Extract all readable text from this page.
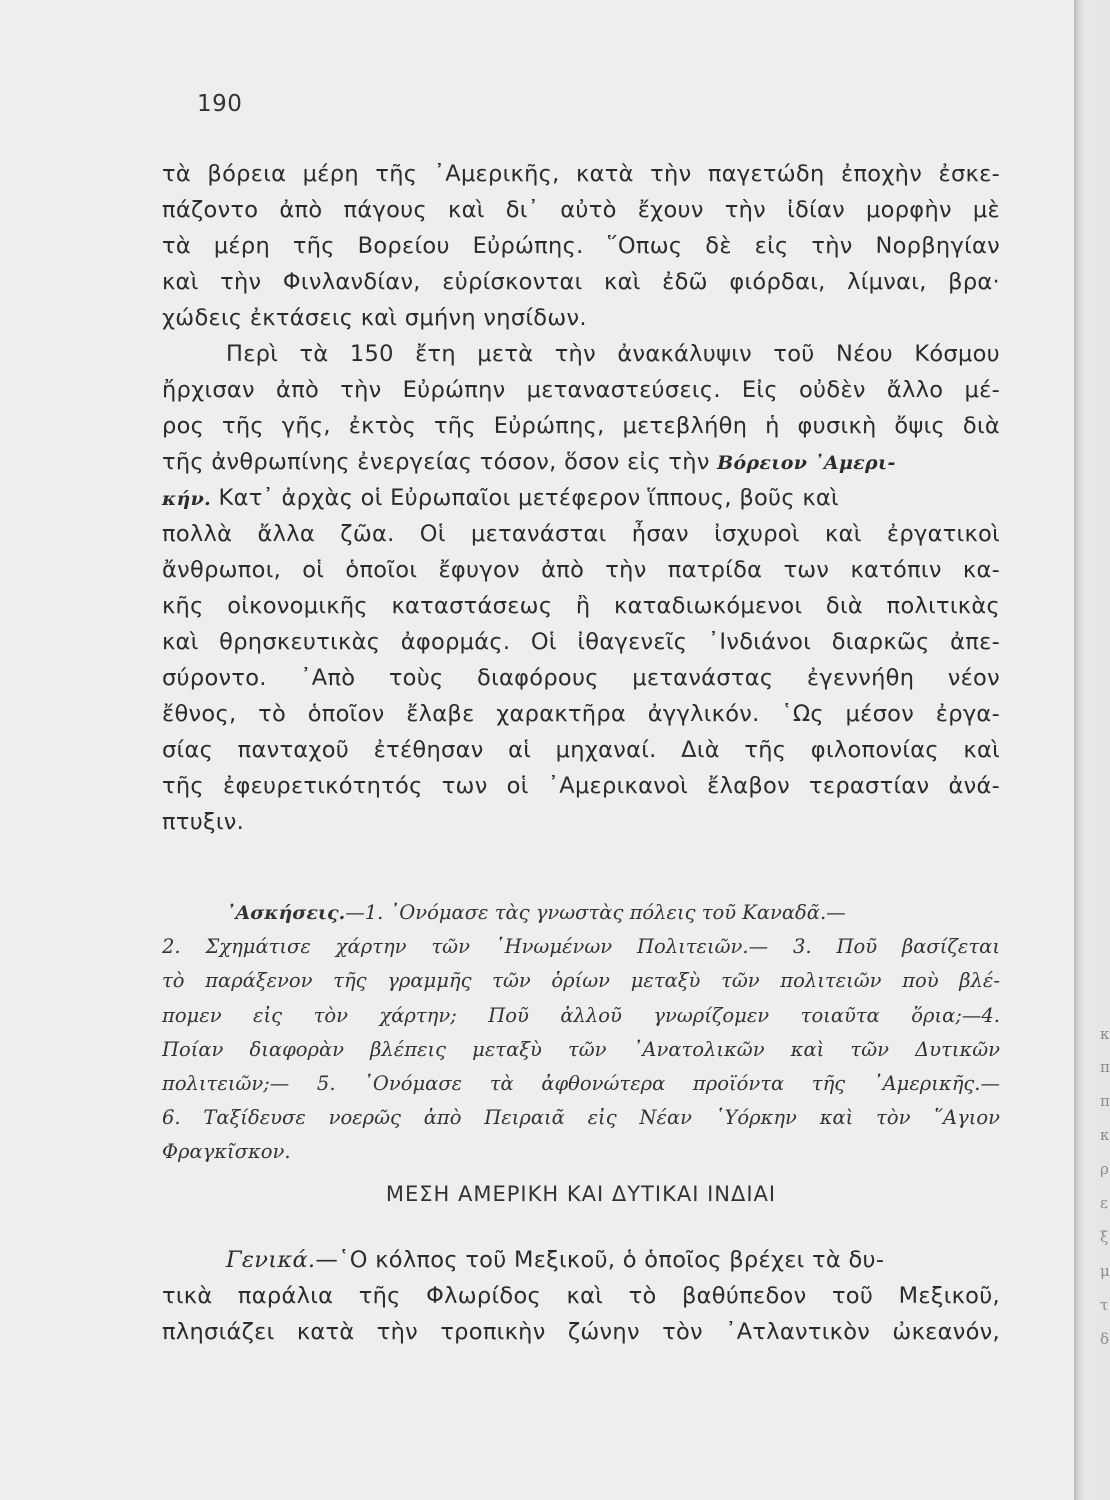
190
τὰ βόρεια μέρη τῆς ᾿Αμερικῆς, κατὰ τὴν παγετώδη ἐποχὴν ἐσκε-
πάζοντο ἀπὸ πάγους καὶ δι᾿ αὐτὸ ἔχουν τὴν ἰδίαν μορφὴν μὲ
τὰ μέρη τῆς Βορείου Εὐρώπης. ῞Οπως δὲ εἰς τὴν Νορβηγίαν
καὶ τὴν Φινλανδίαν, εὑρίσκονται καὶ ἐδῶ φιόρδαι, λίμναι, βρα·
χώδεις ἐκτάσεις καὶ σμήνη νησίδων.
Περὶ τὰ 150 ἔτη μετὰ τὴν ἀνακάλυψιν τοῦ Νέου Κόσμου
ἤρχισαν ἀπὸ τὴν Εὐρώπην μεταναστεύσεις. Εἰς οὐδὲν ἄλλο μέ-
ρος τῆς γῆς, ἐκτὸς τῆς Εὐρώπης, μετεβλήθη ἡ φυσικὴ ὄψις διὰ
τῆς ἀνθρωπίνης ἐνεργείας τόσον, ὅσον εἰς τὴν Βόρειον ᾿Αμερι-
κήν. Κατ᾿ ἀρχὰς οἱ Εὐρωπαῖοι μετέφερον ἵππους, βοῦς καὶ
πολλὰ ἄλλα ζῶα. Οἱ μετανάσται ἦσαν ἰσχυροὶ καὶ ἐργατικοὶ
ἄνθρωποι, οἱ ὁποῖοι ἔφυγον ἀπὸ τὴν πατρίδα των κατόπιν κα-
κῆς οἰκονομικῆς καταστάσεως ἢ καταδιωκόμενοι διὰ πολιτικὰς
καὶ θρησκευτικὰς ἀφορμάς. Οἱ ἰθαγενεῖς ᾿Ινδιάνοι διαρκῶς ἀπε-
σύροντο. ᾿Απὸ τοὺς διαφόρους μετανάστας ἐγεννήθη νέον
ἔθνος, τὸ ὁποῖον ἔλαβε χαρακτῆρα ἀγγλικόν. ῾Ως μέσον ἐργα-
σίας πανταχοῦ ἐτέθησαν αἱ μηχαναί. Διὰ τῆς φιλοπονίας καὶ
τῆς ἐφευρετικότητός των οἱ ᾿Αμερικανοὶ ἔλαβον τεραστίαν ἀνά-
πτυξιν.
᾿Ασκήσεις.—1. ᾿Ονόμασε τὰς γνωστὰς πόλεις τοῦ Καναδᾶ.—
2. Σχημάτισε χάρτην τῶν ῾Ηνωμένων Πολιτειῶν.— 3. Ποῦ βασίζεται
τὸ παράξενον τῆς γραμμῆς τῶν ὁρίων μεταξὺ τῶν πολιτειῶν ποὺ βλέ-
πομεν εἰς τὸν χάρτην; Ποῦ ἀλλοῦ γνωρίζομεν τοιαῦτα ὅρια;—4.
Ποίαν διαφορὰν βλέπεις μεταξὺ τῶν ᾿Ανατολικῶν καὶ τῶν Δυτικῶν
πολιτειῶν;— 5. ᾿Ονόμασε τὰ ἀφθονώτερα προϊόντα τῆς ᾿Αμερικῆς.—
6. Ταξίδευσε νοερῶς ἀπὸ Πειραιᾶ εἰς Νέαν ῾Υόρκην καὶ τὸν ῞Αγιον
Φραγκῖσκον.
ΜΕΣΗ ΑΜΕΡΙΚΗ ΚΑΙ ΔΥΤΙΚΑΙ ΙΝΔΙΑΙ
Γενικά.—῾Ο κόλπος τοῦ Μεξικοῦ, ὁ ὁποῖος βρέχει τὰ δυ-
τικὰ παράλια τῆς Φλωρίδος καὶ τὸ βαθύπεδον τοῦ Μεξικοῦ,
πλησιάζει κατὰ τὴν τροπικὴν ζώνην τὸν ᾿Ατλαντικὸν ὠκεανόν,
κ
π
π
κ
ρ
ε
ξ
μ
τ
δ
